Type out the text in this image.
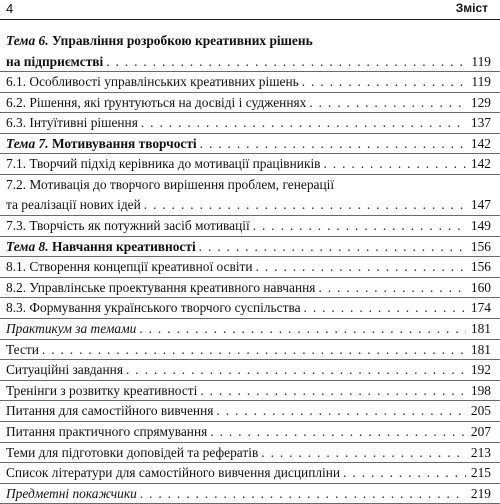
4	Зміст
Тема 6. Управління розробкою креативних рішень
на підприємстві . . .	119
6.1. Особливості управлінських креативних рішень . . .	119
6.2. Рішення, які ґрунтуються на досвіді і судженнях . . .	129
6.3. Інтуїтивні рішення . . .	137
Тема 7. Мотивування творчості . . .	142
7.1. Творчий підхід керівника до мотивації працівників . . .	142
7.2. Мотивація до творчого вирішення проблем, генерації
та реалізації нових ідей . . .	147
7.3. Творчість як потужний засіб мотивації . . .	149
Тема 8. Навчання креативності . . .	156
8.1. Створення концепції креативної освіти . . .	156
8.2. Управлінське проектування креативного навчання . . .	160
8.3. Формування українського творчого суспільства . . .	174
Практикум за темами . . .	181
Тести . . .	181
Ситуаційні завдання . . .	192
Тренінги з розвитку креативності . . .	198
Питання для самостійного вивчення . . .	205
Питання практичного спрямування . . .	207
Теми для підготовки доповідей та рефератів . . .	213
Список літератури для самостійного вивчення дисципліни . . .	215
Предметні покажчики . . .	219
